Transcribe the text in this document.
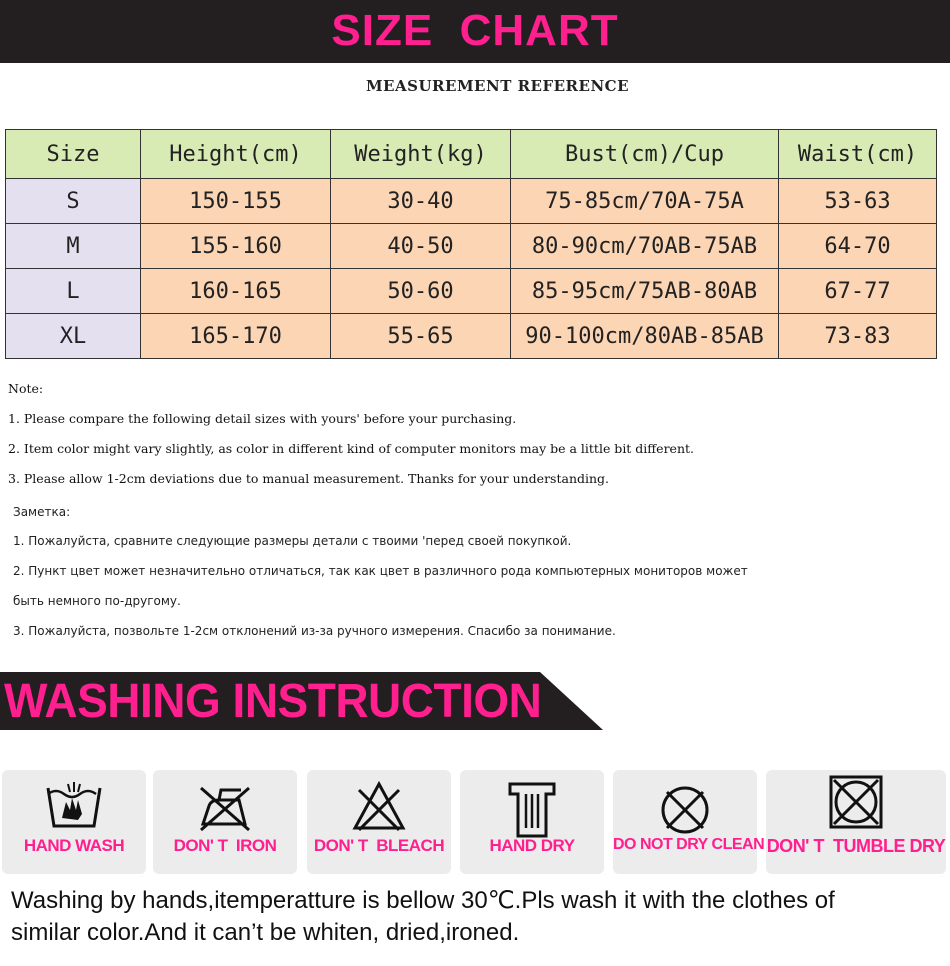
SIZE  CHART
MEASUREMENT REFERENCE
Size	Height(cm)	Weight(kg)	Bust(cm)/Cup	Waist(cm)
S	150-155	30-40	75-85cm/70A-75A	53-63
M	155-160	40-50	80-90cm/70AB-75AB	64-70
L	160-165	50-60	85-95cm/75AB-80AB	67-77
XL	165-170	55-65	90-100cm/80AB-85AB	73-83
Note:
1. Please compare the following detail sizes with yours' before your purchasing.
2. Item color might vary slightly, as color in different kind of computer monitors may be a little bit different.
3. Please allow 1-2cm deviations due to manual measurement. Thanks for your understanding.
Заметка:
1. Пожалуйста, сравните следующие размеры детали с твоими 'перед своей покупкой.
2. Пункт цвет может незначительно отличаться, так как цвет в различного рода компьютерных мониторов может
быть немного по-другому.
3. Пожалуйста, позвольте 1-2см отклонений из-за ручного измерения. Спасибо за понимание.
WASHING INSTRUCTION
HAND WASH	DON' T  IRON	DON' T  BLEACH	HAND DRY	DO NOT DRY CLEAN DON' T  TUMBLE DRY
Washing by hands,itemperatture is bellow 30℃.Pls wash it with the clothes of
similar color.And it can’t be whiten, dried,ironed.
